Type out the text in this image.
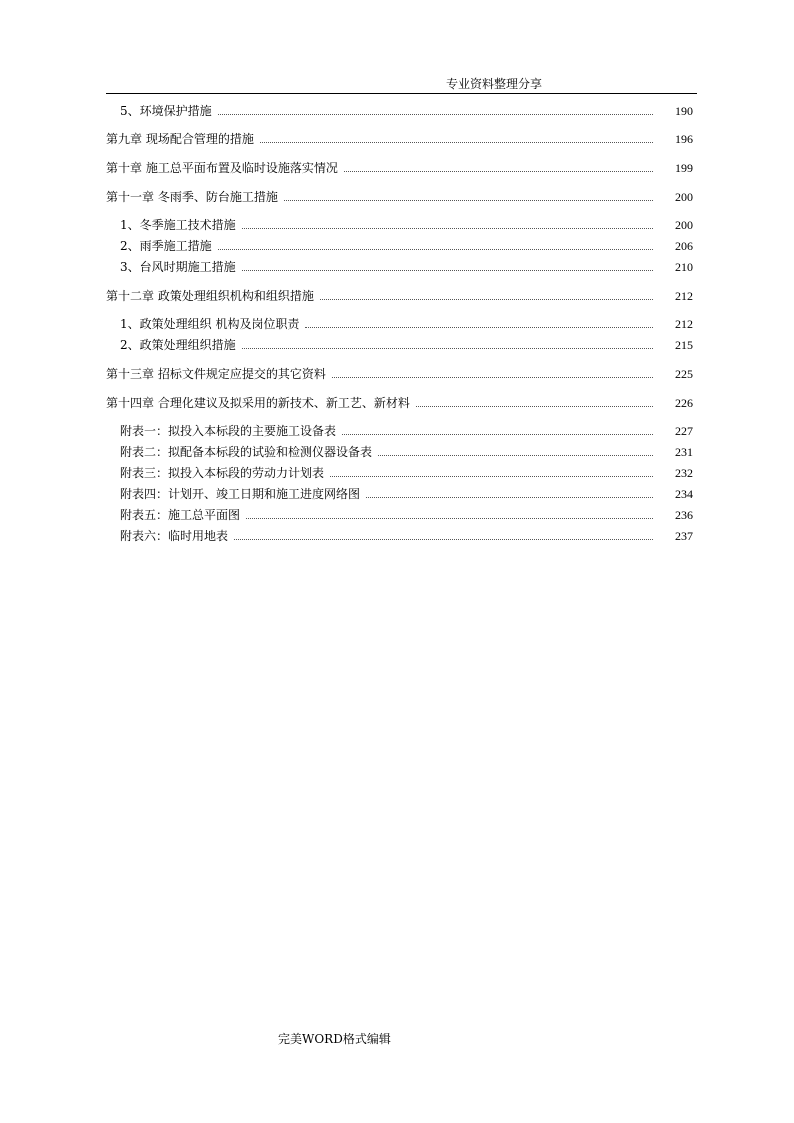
专业资料整理分享
5、环境保护措施	190
第九章 现场配合管理的措施	196
第十章 施工总平面布置及临时设施落实情况	199
第十一章 冬雨季、防台施工措施	200
1、冬季施工技术措施	200
2、雨季施工措施	206
3、台风时期施工措施	210
第十二章 政策处理组织机构和组织措施	212
1、政策处理组织 机构及岗位职责	212
2、政策处理组织措施	215
第十三章 招标文件规定应提交的其它资料	225
第十四章 合理化建议及拟采用的新技术、新工艺、新材料	226
附表一：拟投入本标段的主要施工设备表	227
附表二：拟配备本标段的试验和检测仪器设备表	231
附表三：拟投入本标段的劳动力计划表	232
附表四：计划开、竣工日期和施工进度网络图	234
附表五：施工总平面图	236
附表六：临时用地表	237
完美WORD格式编辑
